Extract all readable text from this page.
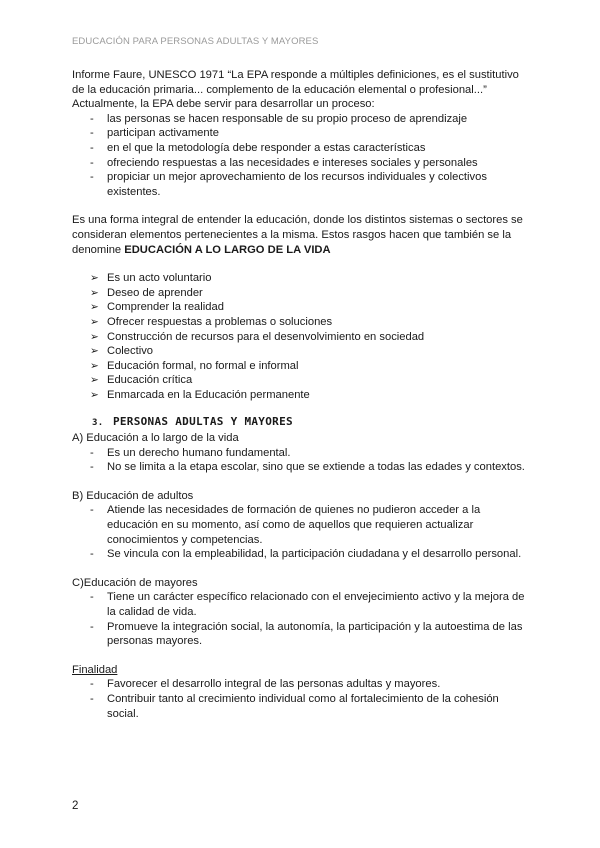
EDUCACIÓN PARA PERSONAS ADULTAS Y MAYORES

Informe Faure, UNESCO 1971 “La EPA responde a múltiples definiciones, es el sustitutivo

de la educación primaria... complemento de la educación elemental o profesional...”

Actualmente, la EPA debe servir para desarrollar un proceso:

- las personas se hacen responsable de su propio proceso de aprendizaje
- participan activamente
- en el que la metodología debe responder a estas características
- ofreciendo respuestas a las necesidades e intereses sociales y personales
- propiciar un mejor aprovechamiento de los recursos individuales y colectivos existentes.

Es una forma integral de entender la educación, donde los distintos sistemas o sectores se

consideran elementos pertenecientes a la misma. Estos rasgos hacen que también se la

denomine EDUCACIÓN A LO LARGO DE LA VIDA

➢ Es un acto voluntario
➢ Deseo de aprender
➢ Comprender la realidad
➢ Ofrecer respuestas a problemas o soluciones
➢ Construcción de recursos para el desenvolvimiento en sociedad
➢ Colectivo
➢ Educación formal, no formal e informal
➢ Educación crítica
➢ Enmarcada en la Educación permanente
3. PERSONAS ADULTAS Y MAYORES

A) Educación a lo largo de la vida

- Es un derecho humano fundamental.
- No se limita a la etapa escolar, sino que se extiende a todas las edades y contextos.

B) Educación de adultos

- Atiende las necesidades de formación de quienes no pudieron acceder a la educación en su momento, así como de aquellos que requieren actualizar conocimientos y competencias.
- Se vincula con la empleabilidad, la participación ciudadana y el desarrollo personal.

C)Educación de mayores

- Tiene un carácter específico relacionado con el envejecimiento activo y la mejora de la calidad de vida.
- Promueve la integración social, la autonomía, la participación y la autoestima de las personas mayores.

Finalidad

- Favorecer el desarrollo integral de las personas adultas y mayores.
- Contribuir tanto al crecimiento individual como al fortalecimiento de la cohesión social.
2
